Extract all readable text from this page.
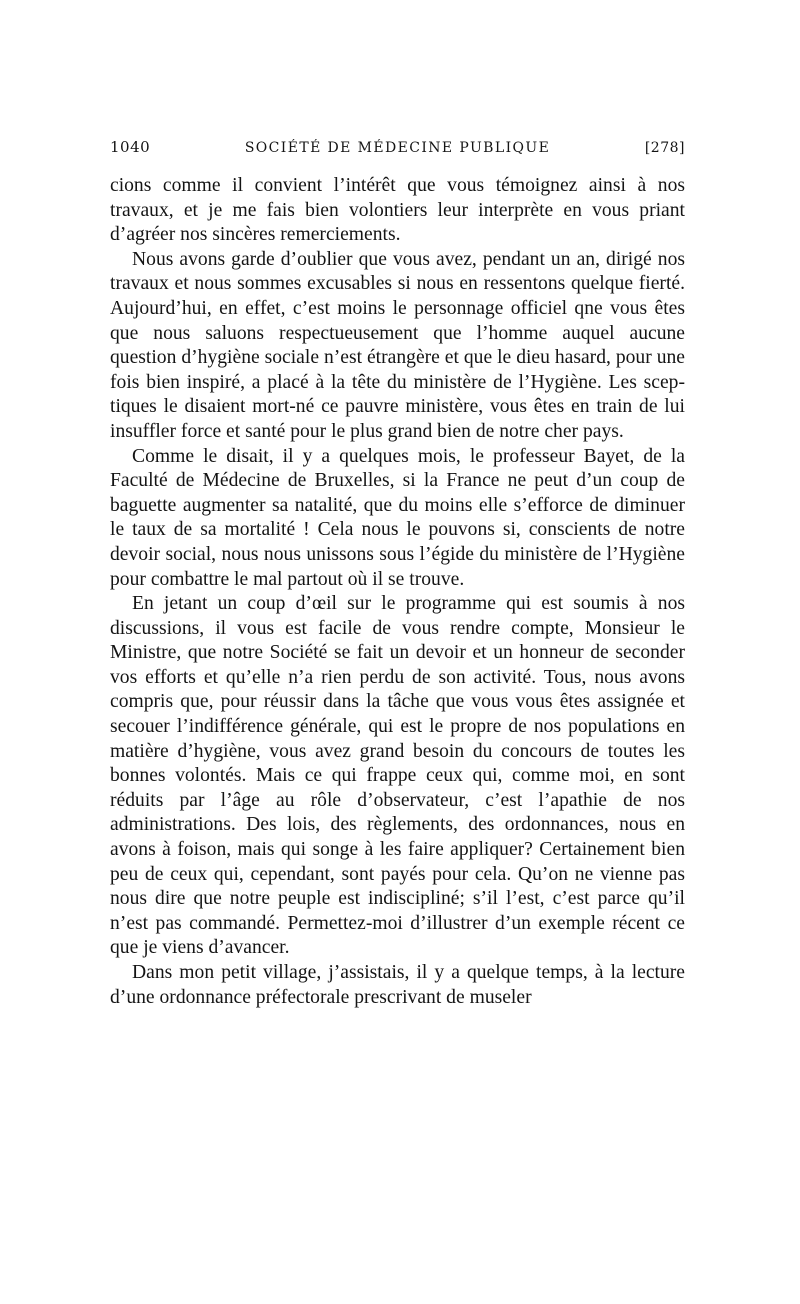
1040	SOCIÉTÉ DE MÉDECINE PUBLIQUE	[278]

cions comme il convient l’intérêt que vous témoignez ainsi à nos travaux, et je me fais bien volontiers leur interprète en vous priant d’agréer nos sincères remerciements.

Nous avons garde d’oublier que vous avez, pendant un an, dirigé nos travaux et nous sommes excusables si nous en ressentons quelque fierté. Aujourd’hui, en effet, c’est moins le personnage officiel qne vous êtes que nous saluons respectueusement que l’homme auquel aucune question d’hygiène sociale n’est étrangère et que le dieu hasard, pour une fois bien inspiré, a placé à la tête du ministère de l’Hygiène. Les sceptiques le disaient mort-né ce pauvre ministère, vous êtes en train de lui insuffler force et santé pour le plus grand bien de notre cher pays.

Comme le disait, il y a quelques mois, le professeur Bayet, de la Faculté de Médecine de Bruxelles, si la France ne peut d’un coup de baguette augmenter sa natalité, que du moins elle s’efforce de diminuer le taux de sa mortalité ! Cela nous le pouvons si, conscients de notre devoir social, nous nous unissons sous l’égide du ministère de l’Hygiène pour combattre le mal partout où il se trouve.

En jetant un coup d’œil sur le programme qui est soumis à nos discussions, il vous est facile de vous rendre compte, Monsieur le Ministre, que notre Société se fait un devoir et un honneur de seconder vos efforts et qu’elle n’a rien perdu de son activité. Tous, nous avons compris que, pour réussir dans la tâche que vous vous êtes assignée et secouer l’indifférence générale, qui est le propre de nos populations en matière d’hygiène, vous avez grand besoin du concours de toutes les bonnes volontés. Mais ce qui frappe ceux qui, comme moi, en sont réduits par l’âge au rôle d’observateur, c’est l’apathie de nos administrations. Des lois, des règlements, des ordonnances, nous en avons à foison, mais qui songe à les faire appliquer? Certainement bien peu de ceux qui, cependant, sont payés pour cela. Qu’on ne vienne pas nous dire que notre peuple est indiscipliné; s’il l’est, c’est parce qu’il n’est pas commandé. Permettez-moi d’illustrer d’un exemple récent ce que je viens d’avancer.

Dans mon petit village, j’assistais, il y a quelque temps, à la lecture d’une ordonnance préfectorale prescrivant de museler
